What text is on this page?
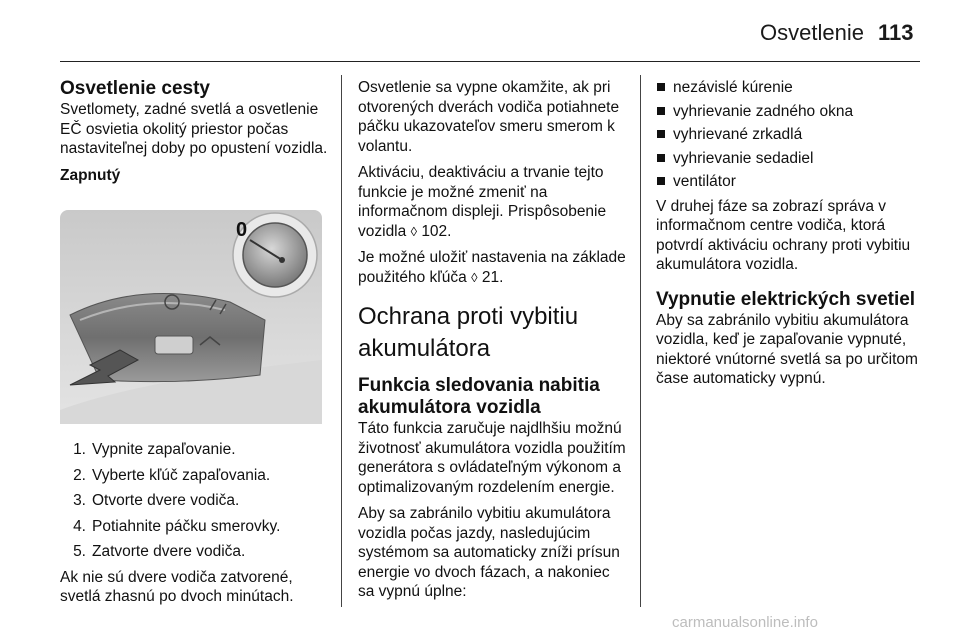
Osvetlenie 113
Osvetlenie cesty

Svetlomety, zadné svetlá a osvetlenie EČ osvietia okolitý priestor počas nastaviteľnej doby po opustení vozidla.

Zapnutý

0
1. Vypnite zapaľovanie.
2. Vyberte kľúč zapaľovania.
3. Otvorte dvere vodiča.
4. Potiahnite páčku smerovky.
5. Zatvorte dvere vodiča.

Ak nie sú dvere vodiča zatvorené, svetlá zhasnú po dvoch minútach.

Osvetlenie sa vypne okamžite, ak pri otvorených dverách vodiča potiahnete páčku ukazovateľov smeru smerom k volantu.

Aktiváciu, deaktiváciu a trvanie tejto funkcie je možné zmeniť na informačnom displeji. Prispôsobenie vozidla ◊ 102.

Je možné uložiť nastavenia na základe použitého kľúča ◊ 21.

Ochrana proti vybitiu akumulátora
Funkcia sledovania nabitia akumulátora vozidla

Táto funkcia zaručuje najdlhšiu možnú životnosť akumulátora vozidla použitím generátora s ovládateľným výkonom a optimalizovaným rozdelením energie.

Aby sa zabránilo vybitiu akumulátora vozidla počas jazdy, nasledujúcim systémom sa automaticky zníži prísun energie vo dvoch fázach, a nakoniec sa vypnú úplne:

nezávislé kúrenie
vyhrievanie zadného okna
vyhrievané zrkadlá
vyhrievanie sedadiel
ventilátor

V druhej fáze sa zobrazí správa v informačnom centre vodiča, ktorá potvrdí aktiváciu ochrany proti vybitiu akumulátora vozidla.

Vypnutie elektrických svetiel

Aby sa zabránilo vybitiu akumulátora vozidla, keď je zapaľovanie vypnuté, niektoré vnútorné svetlá sa po určitom čase automaticky vypnú.

carmanualsonline.info
